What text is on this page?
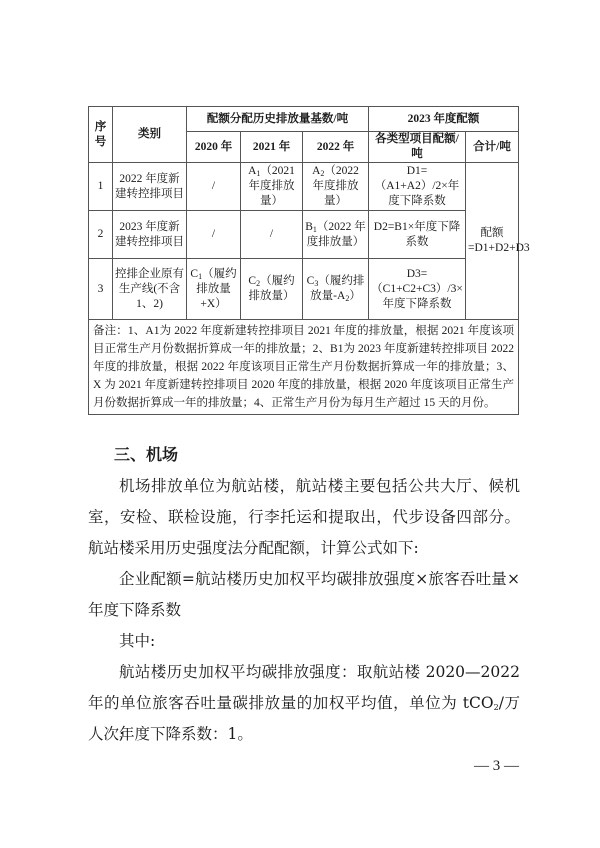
序号	类别	配额分配历史排放量基数/吨			2023 年度配额	
		2020 年	2021 年	2022 年	各类型项目配额/吨	合计/吨
1	2022 年度新建转控排项目	/	$A_1(2021$ 年度排放量）	$A_2(2022$ 年度排放量）	D1=（A1+A2）/2×年度下降系数	配额=D1+D2+D3
2	2023 年度新建转控排项目	/	/	$B_1(2022$ 年度排放量）	D2=B1×年度下降系数	
3	控排企业原有生产线(不含1、2)	$C_1$（履约排放量+X）	$C_2$（履约排放量）	$C_3$（履约排放量$-A_2$）	D3=（C1+C2+C3）/3×年度下降系数	
备注：1、A1为 2022 年度新建转控排项目 2021 年度的排放量，根据 2021 年度该项目正常生产月份数据折算成一年的排放量；2、B1为 2023 年度新建转控排项目 2022 年度的排放量，根据 2022 年度该项目正常生产月份数据折算成一年的排放量；3、X 为 2021 年度新建转控排项目 2020 年度的排放量，根据 2020 年度该项目正常生产月份数据折算成一年的排放量；4、正常生产月份为每月生产超过 15 天的月份。						
三、机场
机场排放单位为航站楼，航站楼主要包括公共大厅、候机室，安检、联检设施，行李托运和提取出，代步设备四部分。航站楼采用历史强度法分配配额，计算公式如下:
企业配额=航站楼历史加权平均碳排放强度×旅客吞吐量×年度下降系数
其中:
航站楼历史加权平均碳排放强度：取航站楼 2020—2022 年的单位旅客吞吐量碳排放量的加权平均值，单位为 tCO$_2$/万人次;
年度下降系数：1。
— 3 —
